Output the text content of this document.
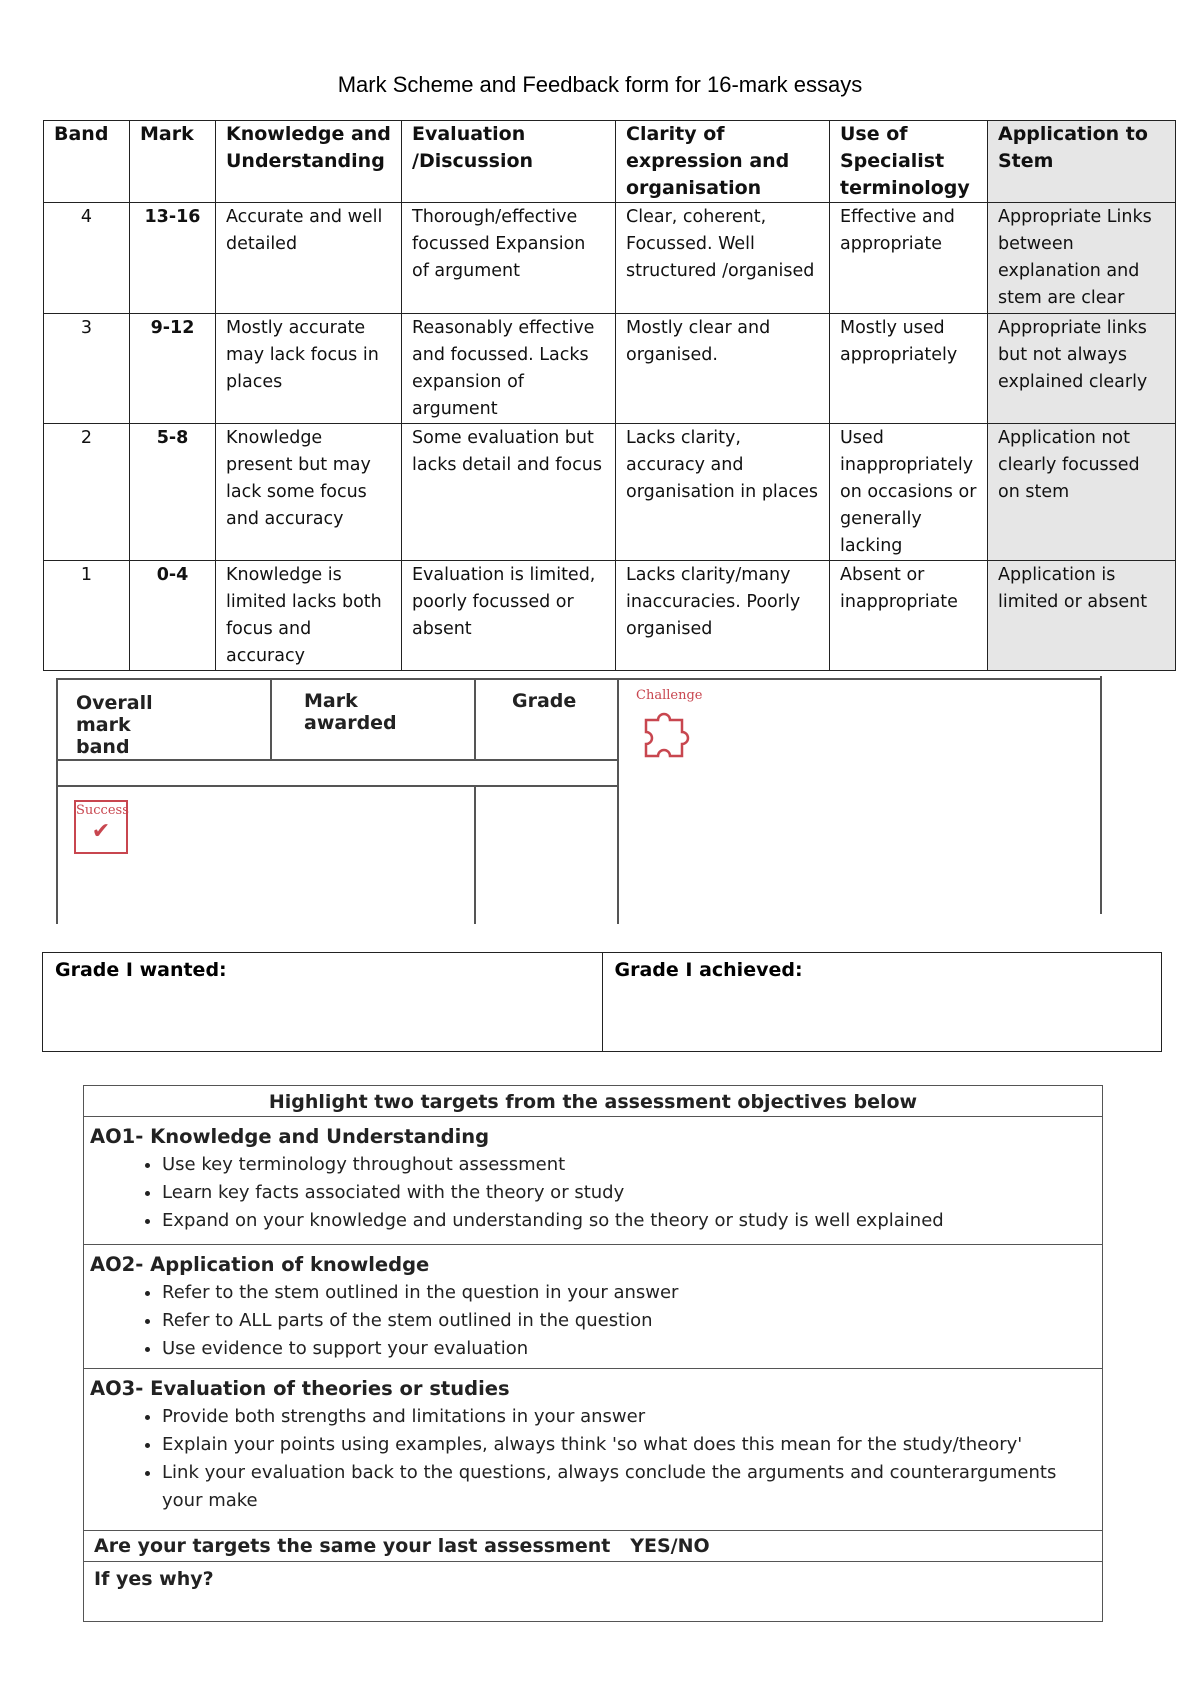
Mark Scheme and Feedback form for 16-mark essays
Band	Mark	Knowledge and Understanding	Evaluation /Discussion	Clarity of expression and organisation	Use of Specialist terminology	Application to Stem
4	13-16	Accurate and well detailed	Thorough/effective focussed Expansion of argument	Clear, coherent, Focussed. Well structured /organised	Effective and appropriate	Appropriate Links between explanation and stem are clear
3	9-12	Mostly accurate may lack focus in places	Reasonably effective and focussed. Lacks expansion of argument	Mostly clear and organised.	Mostly used appropriately	Appropriate links but not always explained clearly
2	5-8	Knowledge present but may lack some focus and accuracy	Some evaluation but lacks detail and focus	Lacks clarity, accuracy and organisation in places	Used inappropriately on occasions or generally lacking	Application not clearly focussed on stem
1	0-4	Knowledge is limited lacks both focus and accuracy	Evaluation is limited, poorly focussed or absent	Lacks clarity/many inaccuracies. Poorly organised	Absent or inappropriate	Application is limited or absent
Overall mark band
Mark awarded
Grade
Success
✔
Challenge
Grade I wanted:	Grade I achieved:
Highlight two targets from the assessment objectives below
AO1- Knowledge and Understanding
• Use key terminology throughout assessment
• Learn key facts associated with the theory or study
• Expand on your knowledge and understanding so the theory or study is well explained
AO2- Application of knowledge
• Refer to the stem outlined in the question in your answer
• Refer to ALL parts of the stem outlined in the question
• Use evidence to support your evaluation
AO3- Evaluation of theories or studies
• Provide both strengths and limitations in your answer
• Explain your points using examples, always think 'so what does this mean for the study/theory'
• Link your evaluation back to the questions, always conclude the arguments and counterarguments your make
Are your targets the same your last assessment   YES/NO
If yes why?
